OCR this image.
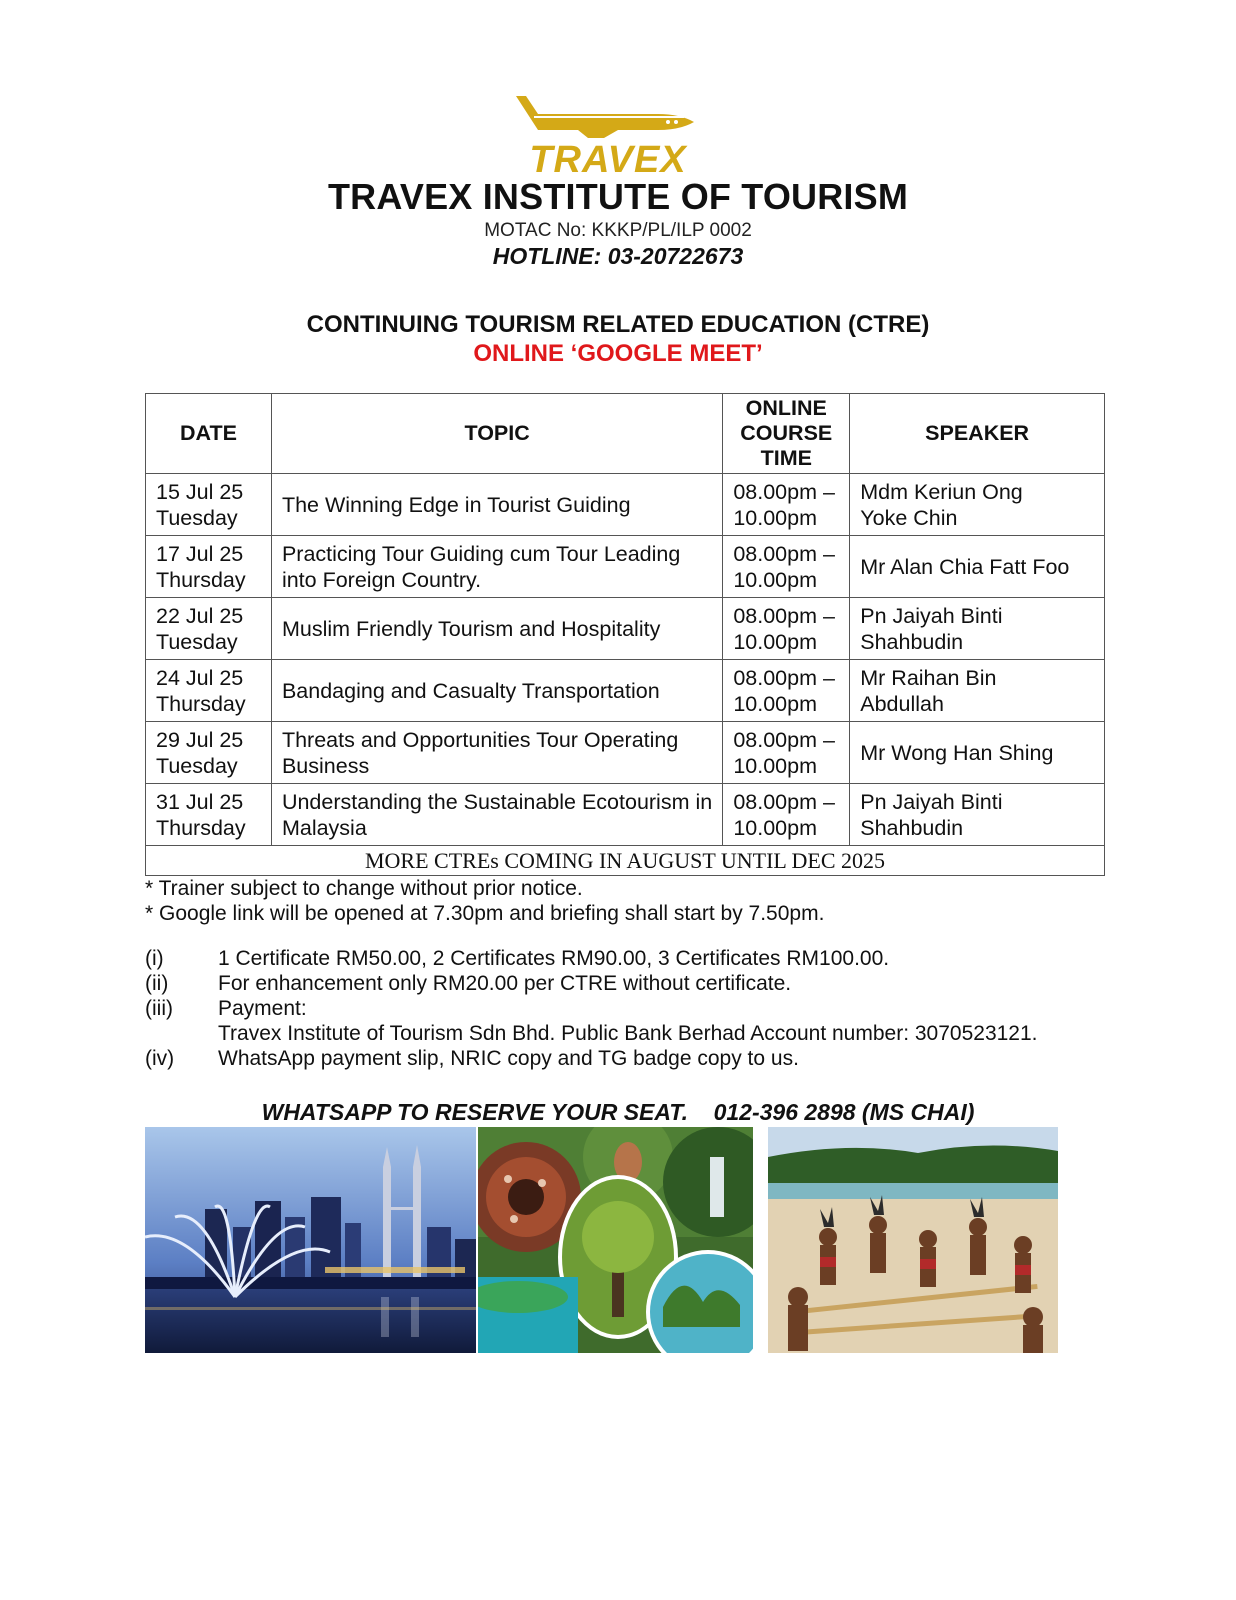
TRAVEX
TRAVEX INSTITUTE OF TOURISM
MOTAC No: KKKP/PL/ILP 0002
HOTLINE: 03-20722673
CONTINUING TOURISM RELATED EDUCATION (CTRE)
ONLINE ‘GOOGLE MEET’
DATE	TOPIC	ONLINE
COURSE
TIME	SPEAKER

15 Jul 25
Tuesday	The Winning Edge in Tourist Guiding	08.00pm –
10.00pm	Mdm Keriun Ong
Yoke Chin

17 Jul 25
Thursday	Practicing Tour Guiding cum Tour Leading into Foreign Country.	08.00pm –
10.00pm	Mr Alan Chia Fatt Foo

22 Jul 25
Tuesday	Muslim Friendly Tourism and Hospitality	08.00pm –
10.00pm	Pn Jaiyah Binti
Shahbudin

24 Jul 25
Thursday	Bandaging and Casualty Transportation	08.00pm –
10.00pm	Mr Raihan Bin
Abdullah

29 Jul 25
Tuesday	Threats and Opportunities Tour Operating Business	08.00pm –
10.00pm	Mr Wong Han Shing

31 Jul 25
Thursday	Understanding the Sustainable Ecotourism in Malaysia	08.00pm –
10.00pm	Pn Jaiyah Binti
Shahbudin

MORE CTREs COMING IN AUGUST UNTIL DEC 2025			
* Trainer subject to change without prior notice.
* Google link will be opened at 7.30pm and briefing shall start by 7.50pm.
(i)	1 Certificate RM50.00, 2 Certificates RM90.00, 3 Certificates RM100.00.
(ii)	For enhancement only RM20.00 per CTRE without certificate.
(iii)	Payment:
Travex Institute of Tourism Sdn Bhd. Public Bank Berhad Account number: 3070523121.
(iv)	WhatsApp payment slip, NRIC copy and TG badge copy to us.
WHATSAPP TO RESERVE YOUR SEAT.    012-396 2898 (MS CHAI)
